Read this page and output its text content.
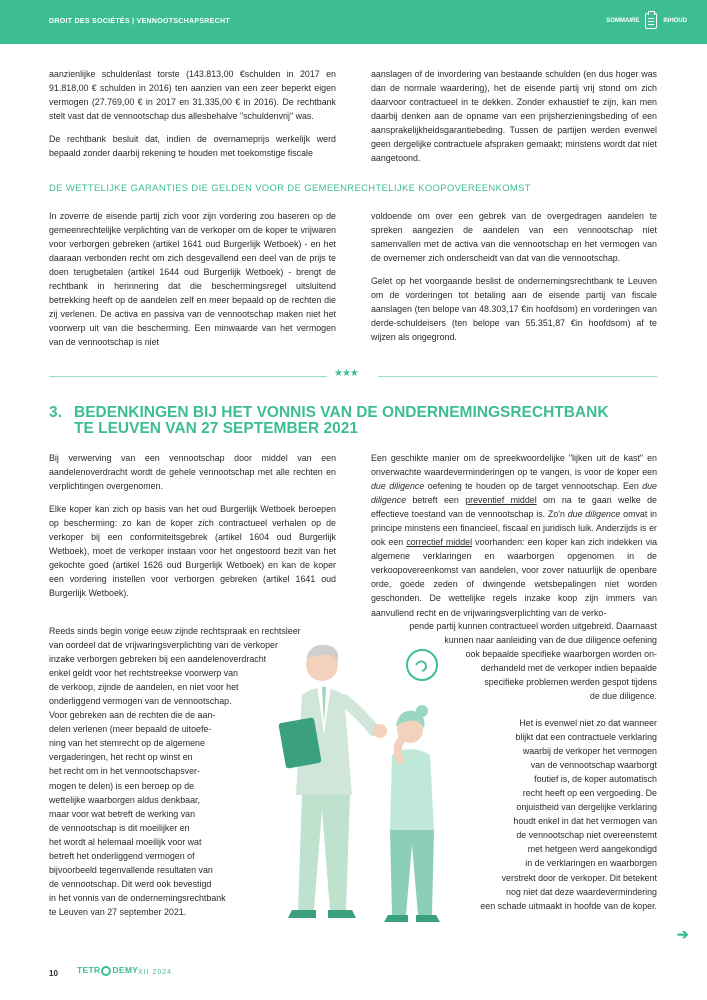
DROIT DES SOCIÉTÉS | VENNOOTSCHAPSRECHT	SOMMAIRE	INHOUD

aanzienlijke schuldenlast torste (143.813,00 €schulden in 2017 en 91.818,00 € schulden in 2016) ten aanzien van een zeer beperkt eigen vermogen (27.769,00 € in 2017 en 31.335,00 € in 2016). De rechtbank stelt vast dat de vennootschap dus allesbehalve "schuldenvrij" was.

De rechtbank besluit dat, indien de overnameprijs werkelijk werd bepaald zonder daarbij rekening te houden met toekomstige fiscale

aanslagen of de invordering van bestaande schulden (en dus hoger was dan de normale waardering), het de eisende partij vrij stond om zich daarvoor contractueel in te dekken. Zonder exhaustief te zijn, kan men daarbij denken aan de opname van een prijsherzieningsbeding of een aansprakelijkheidsgarantiebeding. Tussen de partijen werden evenwel geen dergelijke contractuele afspraken gemaakt; minstens wordt dat niet aangetoond.

DE WETTELIJKE GARANTIES DIE GELDEN VOOR DE GEMEENRECHTELIJKE KOOPOVEREENKOMST

In zoverre de eisende partij zich voor zijn vordering zou baseren op de gemeenrechtelijke verplichting van de verkoper om de koper te vrijwaren voor verborgen gebreken (artikel 1641 oud Burgerlijk Wetboek) - en het daaraan verbonden recht om zich desgevallend een deel van de prijs te doen terugbetalen (artikel 1644 oud Burgerlijk Wetboek) - brengt de rechtbank in herinnering dat die beschermingsregel uitsluitend betrekking heeft op de aandelen zelf en meer bepaald op de rechten die zij verlenen. De activa en passiva van de vennootschap maken niet het voorwerp uit van die bescherming. Een minwaarde van het vermogen van de vennootschap is niet

voldoende om over een gebrek van de overgedragen aandelen te spreken aangezien de aandelen van een vennootschap niet samenvallen met de activa van die vennootschap en het vermogen van de overnemer zich onderscheidt van dat van die vennootschap.

Gelet op het voorgaande beslist de ondernemingsrechtbank te Leuven om de vorderingen tot betaling aan de eisende partij van fiscale aanslagen (ten belope van 48.303,17 €in hoofdsom) en vorderingen van derde-schuldeisers (ten belope van 55.351,87 €in hoofdsom) af te wijzen als ongegrond.

★★★
3. BEDENKINGEN BIJ HET VONNIS VAN DE ONDERNEMINGSRECHTBANK
TE LEUVEN VAN 27 SEPTEMBER 2021

Bij verwerving van een vennootschap door middel van een aandelenoverdracht wordt de gehele vennootschap met alle rechten en verplichtingen overgenomen.

Elke koper kan zich op basis van het oud Burgerlijk Wetboek beroepen op bescherming: zo kan de koper zich contractueel verhalen op de verkoper bij een conformiteitsgebrek (artikel 1604 oud Burgerlijk Wetboek), moet de verkoper instaan voor het ongestoord bezit van het gekochte goed (artikel 1626 oud Burgerlijk Wetboek) en kan de koper een vordering instellen voor verborgen gebreken (artikel 1641 oud Burgerlijk Wetboek).

Reeds sinds begin vorige eeuw zijnde rechtspraak en rechtsleer
van oordeel dat de vrijwaringsverplichting van de verkoper
inzake verborgen gebreken bij een aandelenoverdracht
enkel geldt voor het rechtstreekse voorwerp van
de verkoop, zijnde de aandelen, en niet voor het
onderliggend vermogen van de vennootschap.
Voor gebreken aan de rechten die de aan-
delen verlenen (meer bepaald de uitoefe-
ning van het stemrecht op de algemene
vergaderingen, het recht op winst en
het recht om in het vennootschapsver-
mogen te delen) is een beroep op de
wettelijke waarborgen aldus denkbaar,
maar voor wat betreft de werking van
de vennootschap is dit moeilijker en
het wordt al helemaal moeilijk voor wat
betreft het onderliggend vermogen of
bijvoorbeeld tegenvallende resultaten van
de vennootschap. Dit werd ook bevestigd
in het vonnis van de ondernemingsrechtbank
te Leuven van 27 september 2021.

Een geschikte manier om de spreekwoordelijke "lijken uit de kast" en onverwachte waardeverminderingen op te vangen, is voor de koper een due diligence oefening te houden op de target vennootschap. Een due diligence betreft een preventief middel om na te gaan welke de effectieve toestand van de vennootschap is. Zo'n due diligence omvat in principe minstens een financieel, fiscaal en juridisch luik. Anderzijds is er ook een correctief middel voorhanden: een koper kan zich indekken via algemene verklaringen en waarborgen opgenomen in de verkoopovereenkomst van aandelen, voor zover natuurlijk de openbare orde, goede zeden of dwingende wetsbepalingen niet worden geschonden. De wettelijke regels inzake koop zijn immers van aanvullend recht en de vrijwaringsverplichting van de verko-

pende partij kunnen contractueel worden uitgebreid. Daarnaast
kunnen naar aanleiding van de due diligence oefening
ook bepaalde specifieke waarborgen worden on-
derhandeld met de verkoper indien bepaalde
specifieke problemen werden gespot tijdens
de due diligence.
Het is evenwel niet zo dat wanneer
blijkt dat een contractuele verklaring
waarbij de verkoper het vermogen
van de vennootschap waarborgt
foutief is, de koper automatisch
recht heeft op een vergoeding. De
onjuistheid van dergelijke verklaring
houdt enkel in dat het vermogen van
de vennootschap niet overeenstemt
met hetgeen werd aangekondigd
in de verklaringen en waarborgen
verstrekt door de verkoper. Dit betekent
nog niet dat deze waardevermindering
een schade uitmaakt in hoofde van de koper.
10 TETR DEMY XII 2024
➔
